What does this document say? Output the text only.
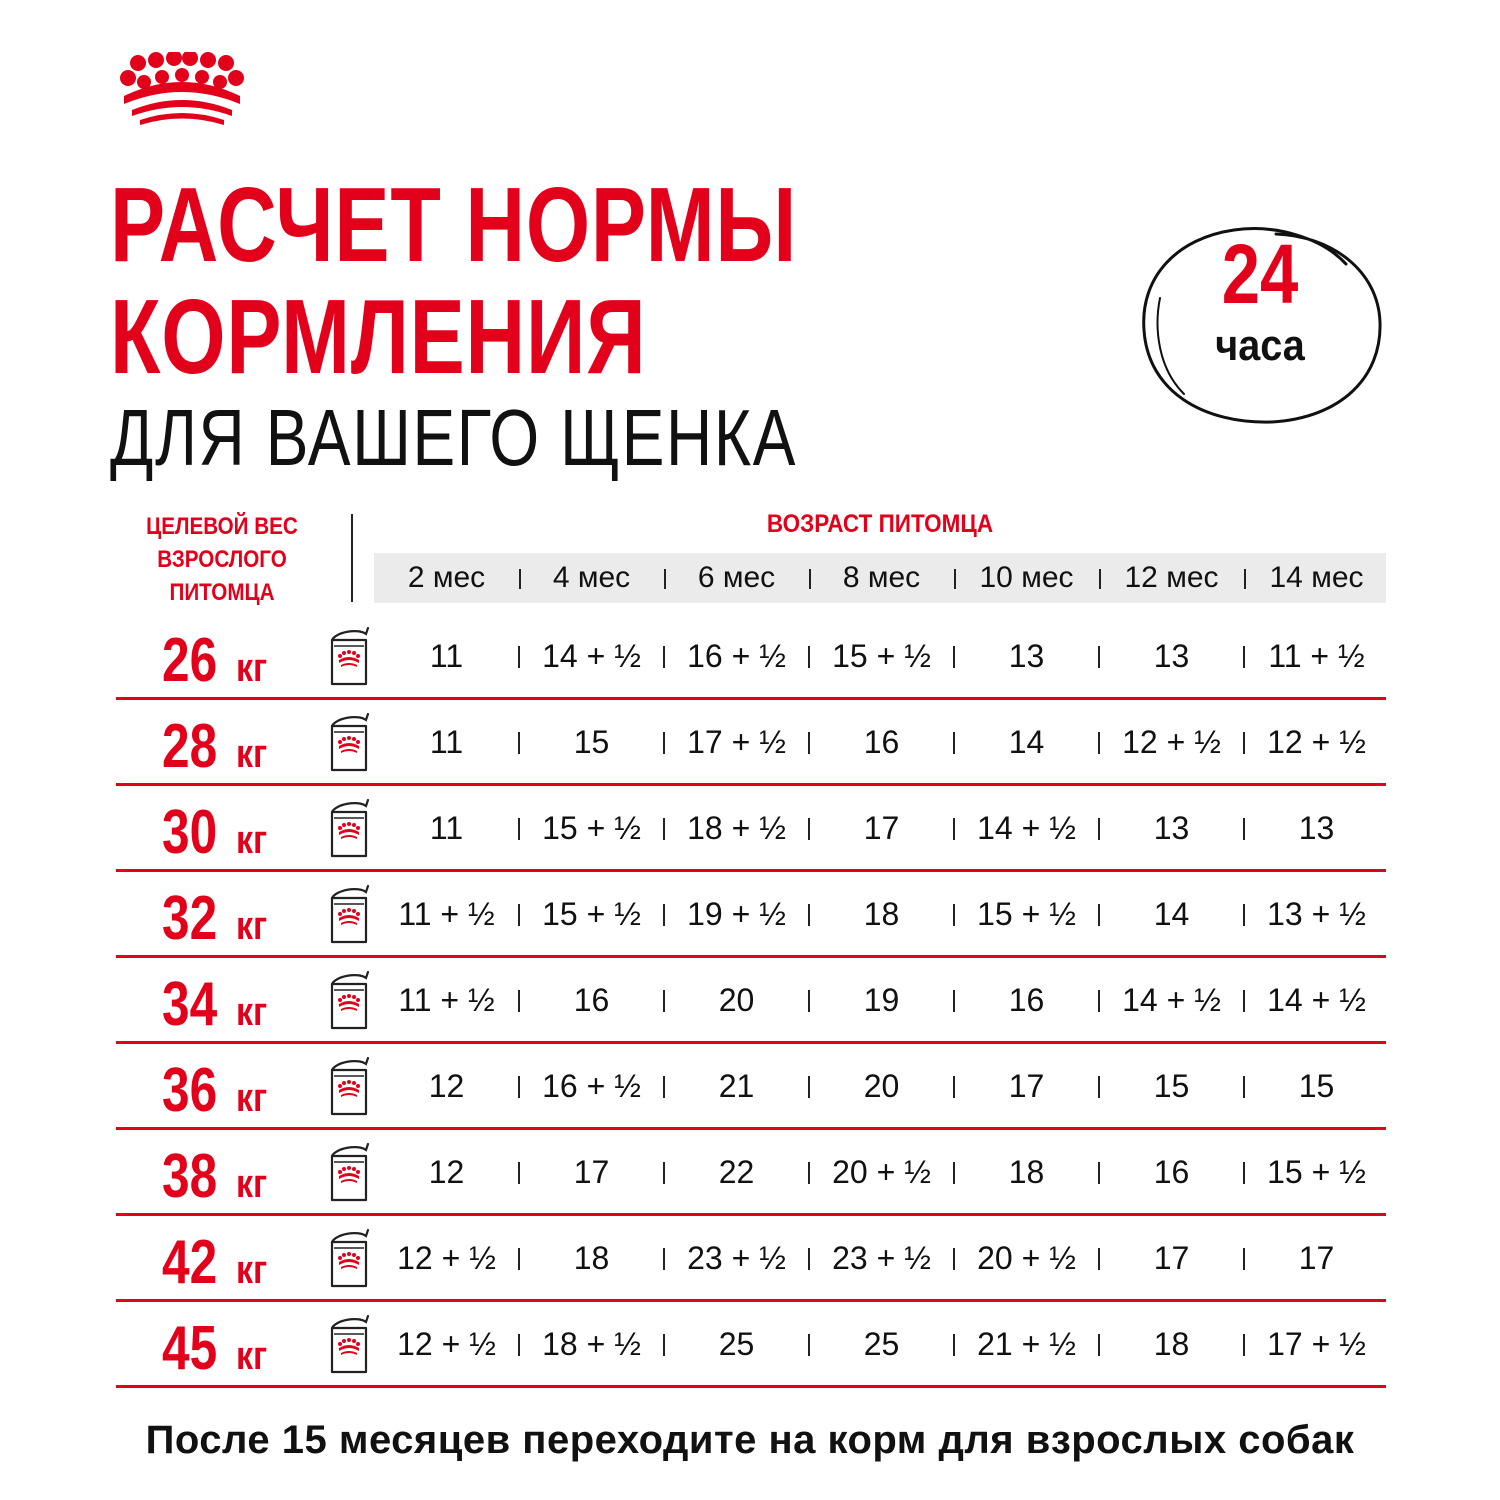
РАСЧЕТ НОРМЫ
КОРМЛЕНИЯ
ДЛЯ ВАШЕГО ЩЕНКА
24
часа
ЦЕЛЕВОЙ ВЕС
ВЗРОСЛОГО
ПИТОМЦА
ВОЗРАСТ ПИТОМЦА
2 мес	4 мес	6 мес	8 мес	10 мес	12 мес	14 мес
26 кг	11	14 + ½	16 + ½	15 + ½	13	13	11 + ½
28 кг	11	15	17 + ½	16	14	12 + ½	12 + ½
30 кг	11	15 + ½	18 + ½	17	14 + ½	13	13
32 кг	11 + ½	15 + ½	19 + ½	18	15 + ½	14	13 + ½
34 кг	11 + ½	16	20	19	16	14 + ½	14 + ½
36 кг	12	16 + ½	21	20	17	15	15
38 кг	12	17	22	20 + ½	18	16	15 + ½
42 кг	12 + ½	18	23 + ½	23 + ½	20 + ½	17	17
45 кг	12 + ½	18 + ½	25	25	21 + ½	18	17 + ½
После 15 месяцев переходите на корм для взрослых собак
